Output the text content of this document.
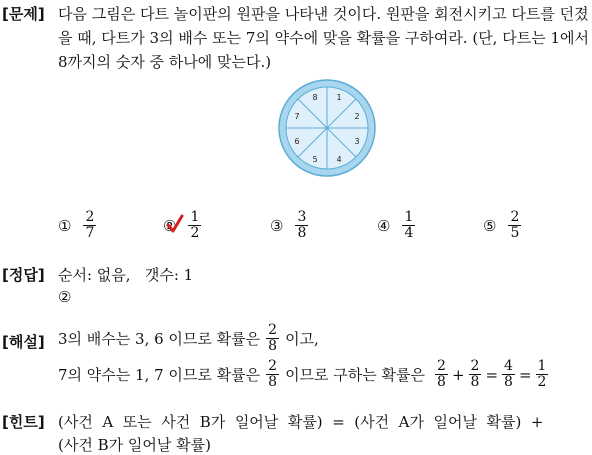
[문제] 다음 그림은 다트 놀이판의 원판을 나타낸 것이다. 원판을 회전시키고 다트를 던졌
을 때, 다트가 3의 배수 또는 7의 약수에 맞을 확률을 구하여라. (단, 다트는 1에서
8까지의 숫자 중 하나에 맞는다.)
1
2
3
4
5
6
7
8
① $\frac{2}{7}$	② $\frac{1}{2}$	③ $\frac{3}{8}$	④ $\frac{1}{4}$	⑤ $\frac{2}{5}$
[정답] 순서: 없음,   갯수: 1
②
[해설] 3의 배수는 3, 6 이므로 확률은 $\frac{2}{8}$ 이고,
7의 약수는 1, 7 이므로 확률은 $\frac{2}{8}$ 이므로 구하는 확률은 $\frac{2}{8} + \frac{2}{8} = \frac{4}{8} = \frac{1}{2}$
[힌트] (사건  A  또는  사건  B가  일어날  확률)  =  (사건  A가  일어날  확률)  +
(사건 B가 일어날 확률)
